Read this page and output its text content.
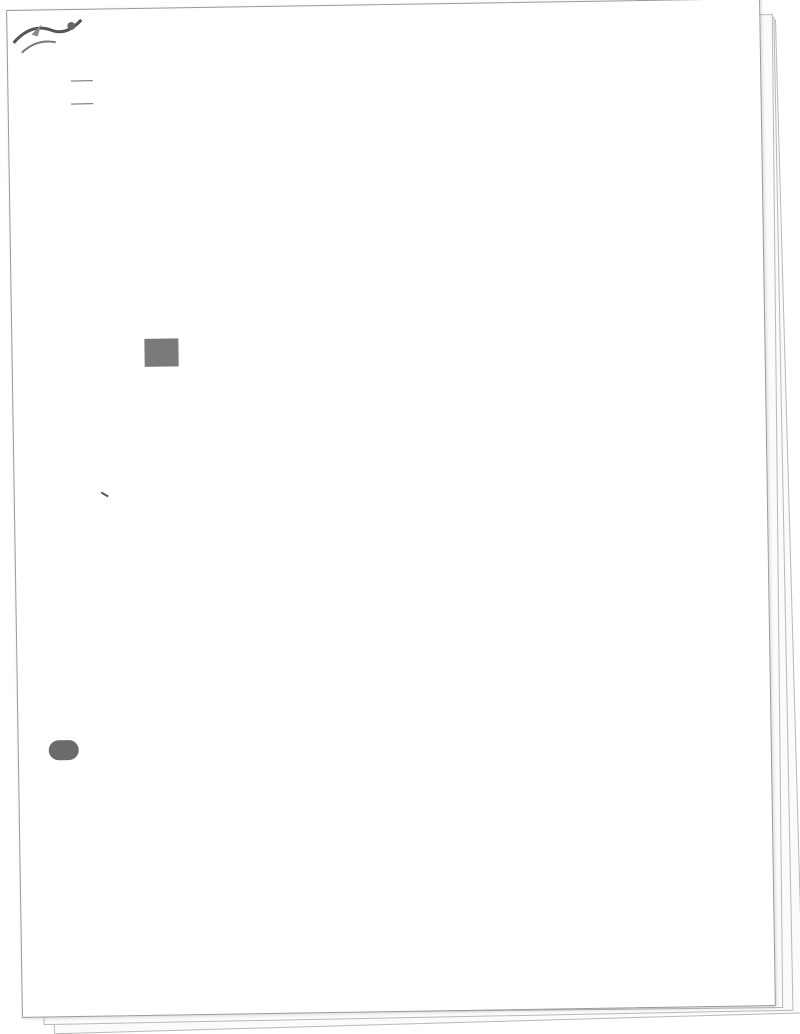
｜｜
